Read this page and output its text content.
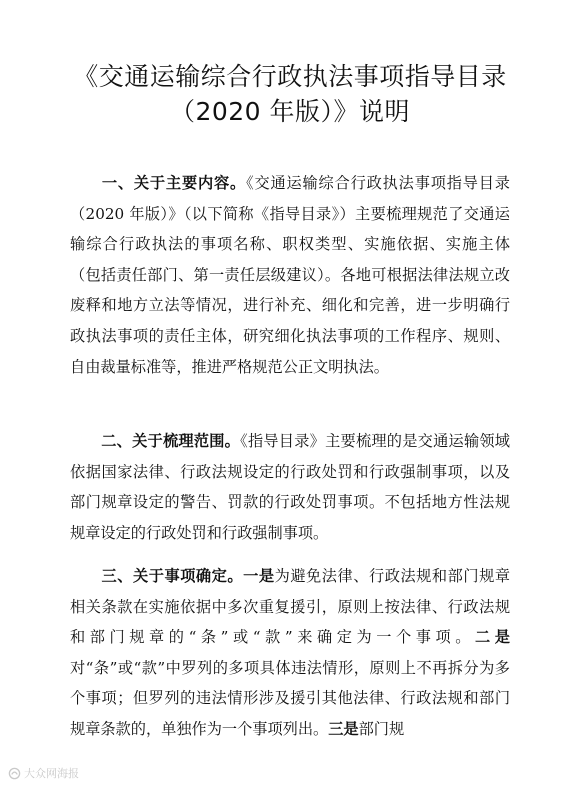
《交通运输综合行政执法事项指导目录
（2020 年版）》说明

一、关于主要内容。《交通运输综合行政执法事项指导目录（2020 年版）》（以下简称《指导目录》）主要梳理规范了交通运输综合行政执法的事项名称、职权类型、实施依据、实施主体（包括责任部门、第一责任层级建议）。各地可根据法律法规立改废释和地方立法等情况，进行补充、细化和完善，进一步明确行政执法事项的责任主体，研究细化执法事项的工作程序、规则、自由裁量标准等，推进严格规范公正文明执法。

二、关于梳理范围。《指导目录》主要梳理的是交通运输领域依据国家法律、行政法规设定的行政处罚和行政强制事项，以及部门规章设定的警告、罚款的行政处罚事项。不包括地方性法规规章设定的行政处罚和行政强制事项。

三、关于事项确定。一是为避免法律、行政法规和部门规章相关条款在实施依据中多次重复援引，原则上按法律、行政法规和部门规章的“条”或“款”来确定为一个事项。二是对“条”或“款”中罗列的多项具体违法情形，原则上不再拆分为多个事项；但罗列的违法情形涉及援引其他法律、行政法规和部门规章条款的，单独作为一个事项列出。三是部门规

大众网海报
